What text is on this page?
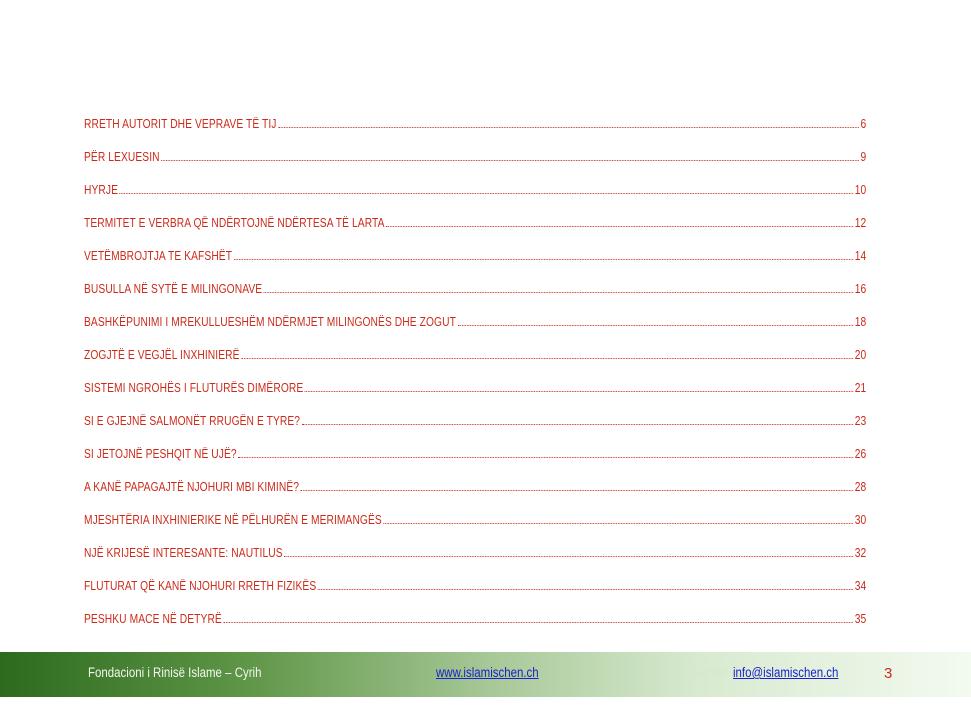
RRETH AUTORIT DHE VEPRAVE TË TIJ	6
PËR LEXUESIN	9
HYRJE	10
TERMITET E VERBRA QË NDËRTOJNË NDËRTESA TË LARTA	12
VETËMBROJTJA TE KAFSHËT	14
BUSULLA NË SYTË E MILINGONAVE	16
BASHKËPUNIMI I MREKULLUESHËM NDËRMJET MILINGONËS DHE ZOGUT	18
ZOGJTË E VEGJËL INXHINIERË	20
SISTEMI NGROHËS I FLUTURËS DIMËRORE	21
SI E GJEJNË SALMONËT RRUGËN E TYRE?	23
SI JETOJNË PESHQIT NË UJË?	26
A KANË PAPAGAJTË NJOHURI MBI KIMINË?	28
MJESHTËRIA INXHINIERIKE NË PËLHURËN E MERIMANGËS	30
NJË KRIJESË INTERESANTE: NAUTILUS	32
FLUTURAT QË KANË NJOHURI RRETH FIZIKËS	34
PESHKU MACE NË DETYRË	35
Fondacioni i Rinisë Islame – Cyrih	www.islamischen.ch	e-mail: info@islamischen.ch	3
